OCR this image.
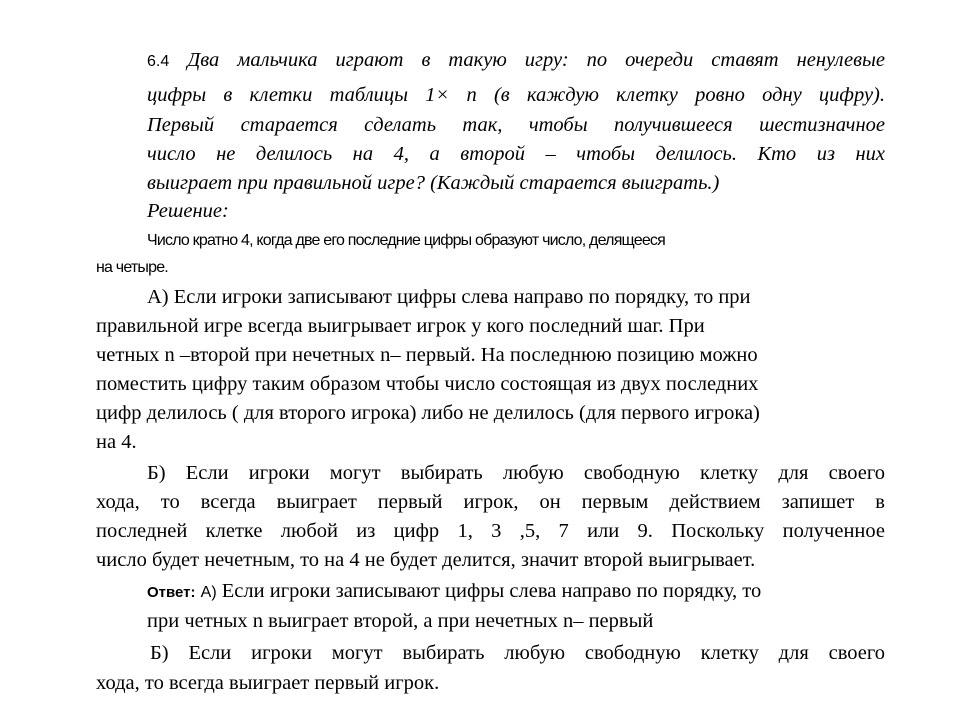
6.4 Два мальчика играют в такую игру: по очереди ставят ненулевые
цифры в клетки таблицы 1× n (в каждую клетку ровно одну цифру).
Первый старается сделать так, чтобы получившееся шестизначное
число не делилось на 4, а второй – чтобы делилось. Кто из них
выиграет при правильной игре? (Каждый старается выиграть.)
Решение:
Число кратно 4, когда две его последние цифры образуют число, делящееся
на четыре.
А) Если игроки записывают цифры слева направо по порядку, то при
правильной игре всегда выигрывает игрок у кого последний шаг. При
четных n –второй при нечетных n– первый. На последнюю позицию можно
поместить цифру таким образом чтобы число состоящая из двух последних
цифр делилось ( для второго игрока) либо не делилось (для первого игрока)
на 4.
Б) Если игроки могут выбирать любую свободную клетку для своего
хода, то всегда выиграет первый игрок, он первым действием запишет в
последней клетке любой из цифр 1, 3 ,5, 7 или 9. Поскольку полученное
число будет нечетным, то на 4 не будет делится, значит второй выигрывает.
Ответ: А) Если игроки записывают цифры слева направо по порядку, то
при четных n выиграет второй, а при нечетных n– первый
Б) Если игроки могут выбирать любую свободную клетку для своего
хода, то всегда выиграет первый игрок.
